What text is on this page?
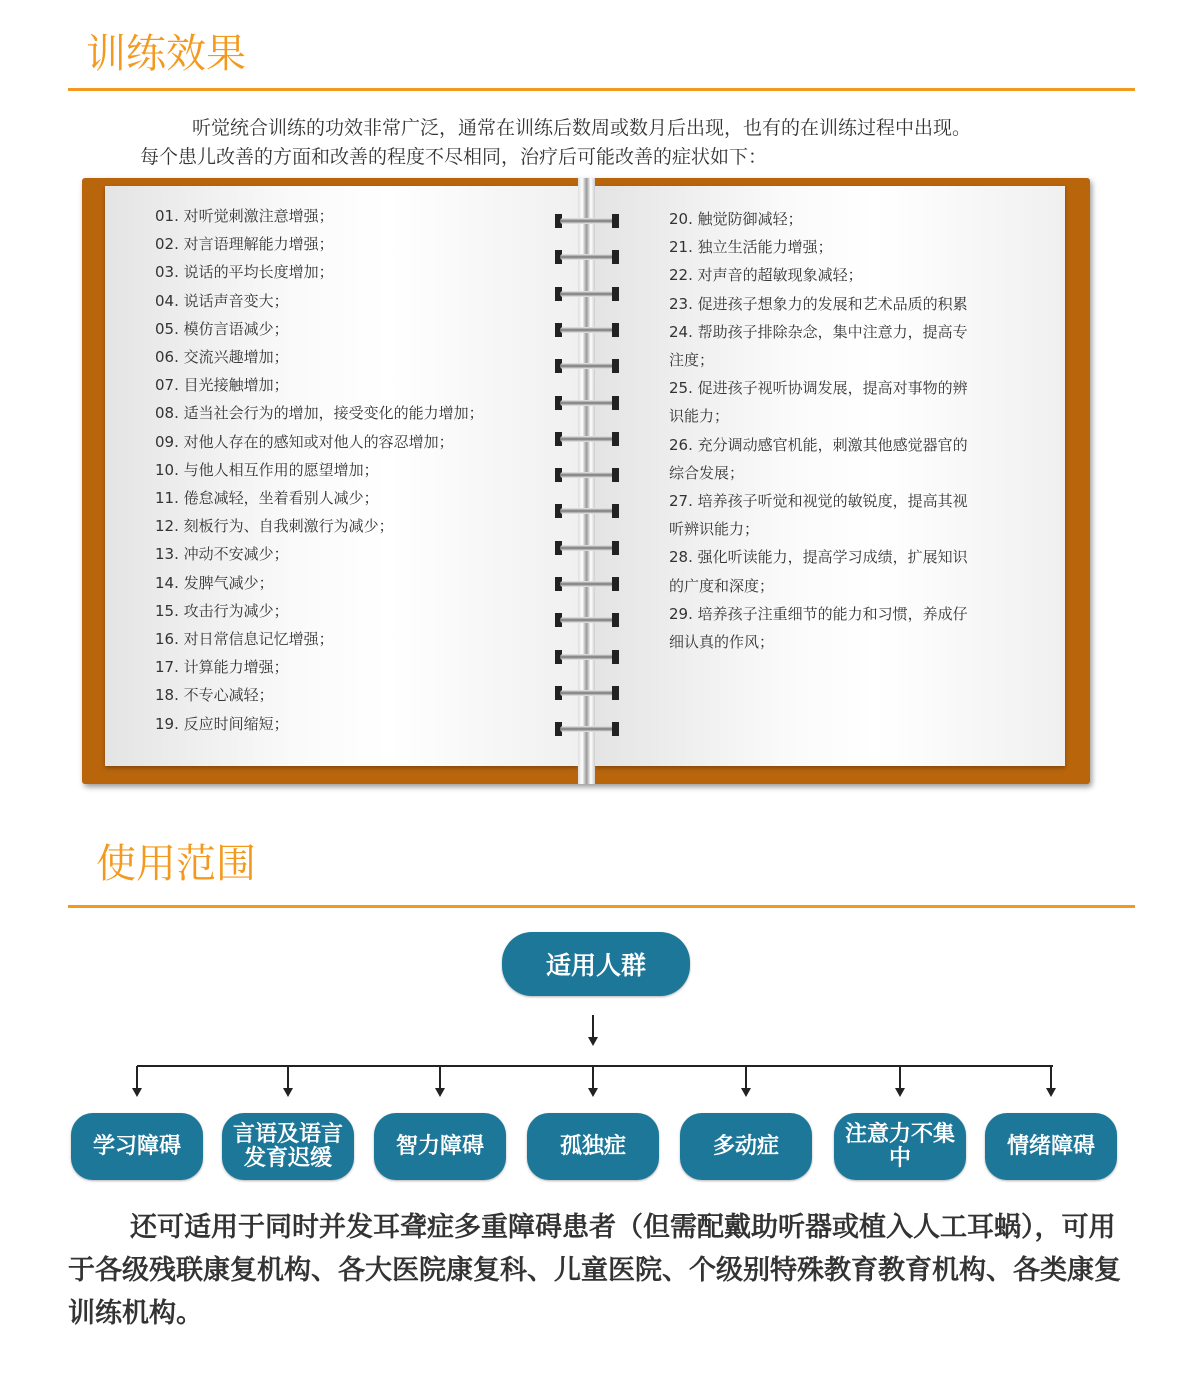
训练效果
听觉统合训练的功效非常广泛，通常在训练后数周或数月后出现，也有的在训练过程中出现。
每个患儿改善的方面和改善的程度不尽相同，治疗后可能改善的症状如下：
01. 对听觉刺激注意增强；
02. 对言语理解能力增强；
03. 说话的平均长度增加；
04. 说话声音变大；
05. 模仿言语减少；
06. 交流兴趣增加；
07. 目光接触增加；
08. 适当社会行为的增加，接受变化的能力增加；
09. 对他人存在的感知或对他人的容忍增加；
10. 与他人相互作用的愿望增加；
11. 倦怠减轻，坐着看别人减少；
12. 刻板行为、自我刺激行为减少；
13. 冲动不安减少；
14. 发脾气减少；
15. 攻击行为减少；
16. 对日常信息记忆增强；
17. 计算能力增强；
18. 不专心减轻；
19. 反应时间缩短；
20. 触觉防御减轻；
21. 独立生活能力增强；
22. 对声音的超敏现象减轻；
23. 促进孩子想象力的发展和艺术品质的积累
24. 帮助孩子排除杂念，集中注意力，提高专
注度；
25. 促进孩子视听协调发展，提高对事物的辨
识能力；
26. 充分调动感官机能，刺激其他感觉器官的
综合发展；
27. 培养孩子听觉和视觉的敏锐度，提高其视
听辨识能力；
28. 强化听读能力，提高学习成绩，扩展知识
的广度和深度；
29. 培养孩子注重细节的能力和习惯，养成仔
细认真的作风；
使用范围
适用人群
学习障碍	言语及语言发育迟缓	智力障碍	孤独症	多动症	注意力不集中	情绪障碍
还可适用于同时并发耳聋症多重障碍患者（但需配戴助听器或植入人工耳蜗），可用于各级残联康复机构、各大医院康复科、儿童医院、个级别特殊教育教育机构、各类康复训练机构。
